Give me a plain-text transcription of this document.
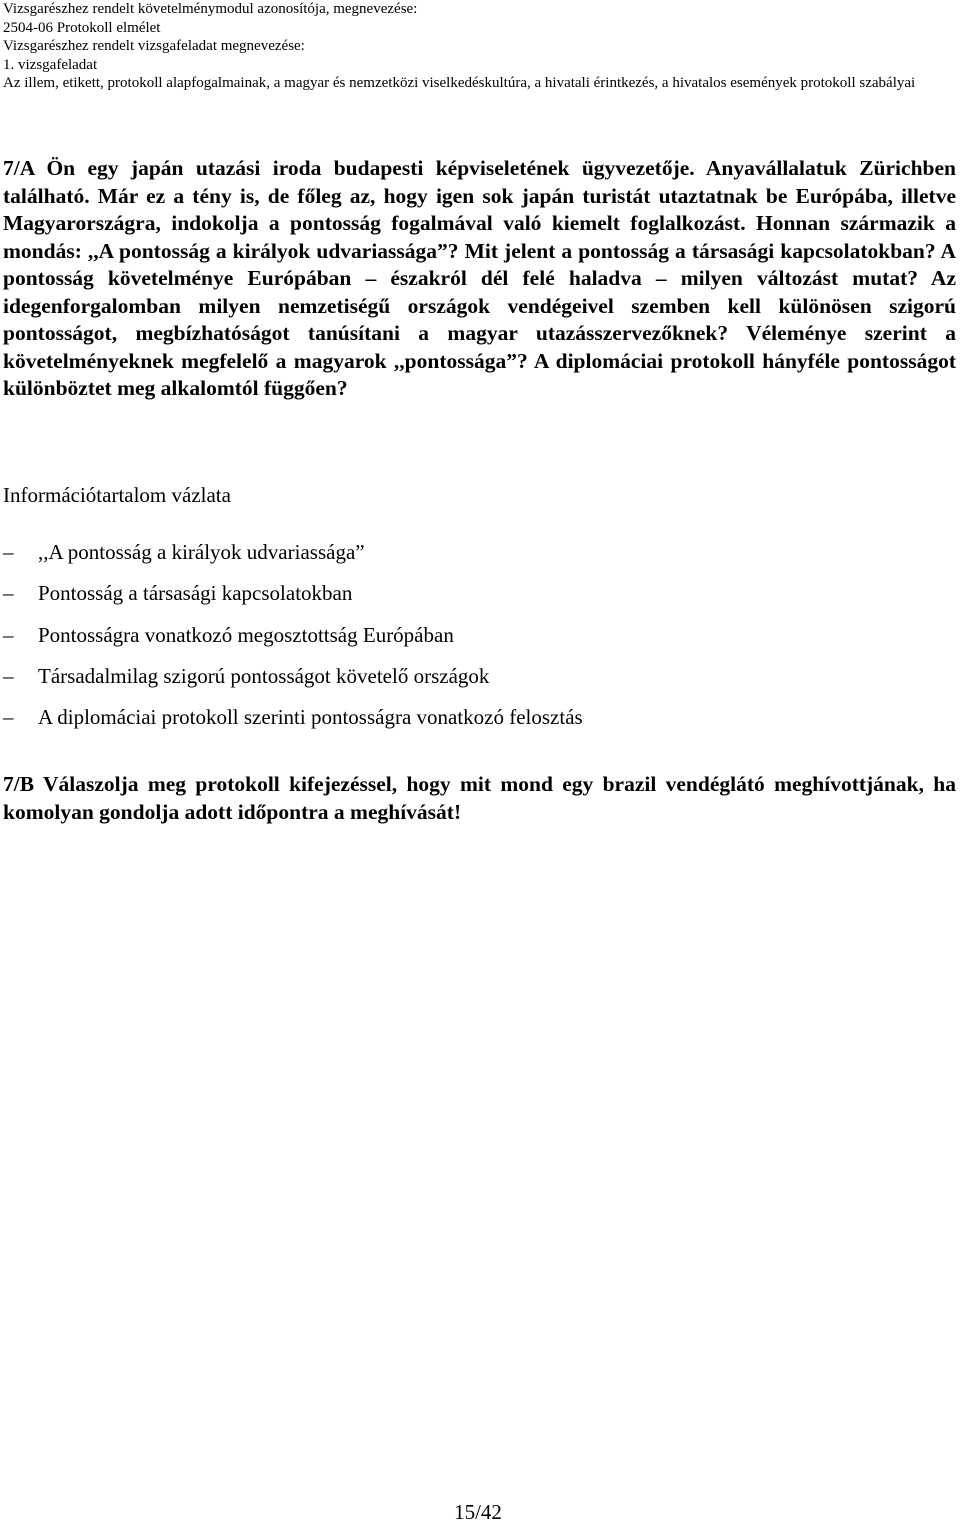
Vizsgarészhez rendelt követelménymodul azonosítója, megnevezése:
2504-06 Protokoll elmélet
Vizsgarészhez rendelt vizsgafeladat megnevezése:
1. vizsgafeladat
Az illem, etikett, protokoll alapfogalmainak, a magyar és nemzetközi viselkedéskultúra, a hivatali érintkezés, a hivatalos események protokoll szabályai
7/A Ön egy japán utazási iroda budapesti képviseletének ügyvezetője. Anyavállalatuk Zürichben található. Már ez a tény is, de főleg az, hogy igen sok japán turistát utaztatnak be Európába, illetve Magyarországra, indokolja a pontosság fogalmával való kiemelt foglalkozást. Honnan származik a mondás: ,,A pontosság a királyok udvariassága”? Mit jelent a pontosság a társasági kapcsolatokban? A pontosság követelménye Európában – északról dél felé haladva – milyen változást mutat? Az idegenforgalomban milyen nemzetiségű országok vendégeivel szemben kell különösen szigorú pontosságot, megbízhatóságot tanúsítani a magyar utazásszervezőknek? Véleménye szerint a követelményeknek megfelelő a magyarok ,,pontossága”? A diplomáciai protokoll hányféle pontosságot különböztet meg alkalomtól függően?
Információtartalom vázlata
–	,,A pontosság a királyok udvariassága”
–	Pontosság a társasági kapcsolatokban
–	Pontosságra vonatkozó megosztottság Európában
–	Társadalmilag szigorú pontosságot követelő országok
–	A diplomáciai protokoll szerinti pontosságra vonatkozó felosztás
7/B Válaszolja meg protokoll kifejezéssel, hogy mit mond egy brazil vendéglátó meghívottjának, ha komolyan gondolja adott időpontra a meghívását!
15/42
